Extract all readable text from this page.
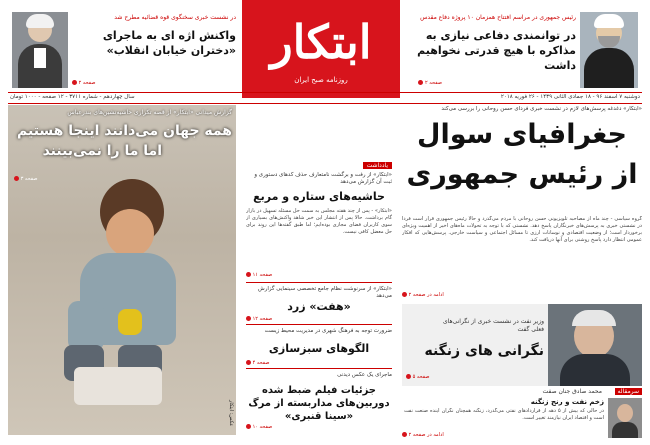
در نشست خبری سخنگوی قوه قضائیه مطرح شد
واکنش اژه ای به ماجرای «دختران خیابان انقلاب»
صفحه ۲
رئیس جمهوری در مراسم افتتاح همزمان ۱۰ پروژه دفاع مقدس
در توانمندی دفاعی نیازی به مذاکره با هیچ قدرتی نخواهیم داشت
صفحه ۲
ابتکار
روزنامه صبح ایران
سال چهاردهم - شماره ۳۷۱۱ - ۱۲ صفحه - ۱۰۰۰ تومان	دوشنبه ۷ اسفند ۹۶ - ۱۸ جمادی الثانی ۱۴۳۹ - ۲۶ فوریه ۲۰۱۸
گزارش میدانی «ابتکار» از قصه تکراری حاشیه‌نشین‌های بندرعباس
همه جهان می‌دانند اینجا هستیم
اما ما را نمی‌بینند
صفحه ۳
عکس: ابتکار
یادداشت
«ابتکار» از رفت و برگشت نامتعارف حذف کدهای دستوری و ثبت آن گزارش می‌دهد
حاشیه‌های ستاره و مربع
«ابتکار» - پس از چند هفته مجلس به سمت حل مسئله تسهیل در بازار گام برداشت. حالا پس از انتشار این خبر شاهد واکنش‌های بسیاری از سوی کاربران فضای مجازی بوده‌ایم؛ اما طبق گفته‌ها این روند برای حل معضل کافی نیست.
صفحه ۱۱
«ابتکار» از سرنوشت نظام جامع تخصصی سینمایی گزارش می‌دهد
«هفت» زرد
صفحه ۱۲
ضرورت توجه به فرهنگ شهری در مدیریت محیط زیست
الگوهای سبزسازی
صفحه ۴
ماجرای یک عکس دیدنی
جزئیات فیلم ضبط شده دوربین‌های مداربسته از مرگ «سینا قنبری»
صفحه ۱۰
«ابتکار» دغدغه پرسش‌های لازم در نشست خبری فردای حسن روحانی را بررسی می‌کند
جغرافیای سوال
از رئیس جمهوری
گروه سیاسی - چند ماه از مصاحبه تلویزیونی حسن روحانی با مردم می‌گذرد و حالا رئیس جمهوری قرار است فردا در نشستی خبری به پرسش‌های خبرنگاران پاسخ دهد. نشستی که با توجه به تحولات ماه‌های اخیر از اهمیت ویژه‌ای برخوردار است؛ از وضعیت اقتصادی و نوسانات ارزی تا مسائل اجتماعی و سیاست خارجی. پرسش‌هایی که افکار عمومی انتظار دارد پاسخ روشنی برای آنها دریافت کند.
ادامه در صفحه ۲
وزیر نفت در نشست خبری از نگرانی‌های فعلی گفت
نگرانی های زنگنه
صفحه ۵
سرمقاله
محمد صادق جنان صفت
زخم نفت و رنج زنگنه
در حالی که بیش از ۵ دهه از قراردادهای نفتی می‌گذرد، زنگنه همچنان نگران آینده صنعت نفت است و اقتصاد ایران نیازمند تغییر است.
ادامه در صفحه ۲
